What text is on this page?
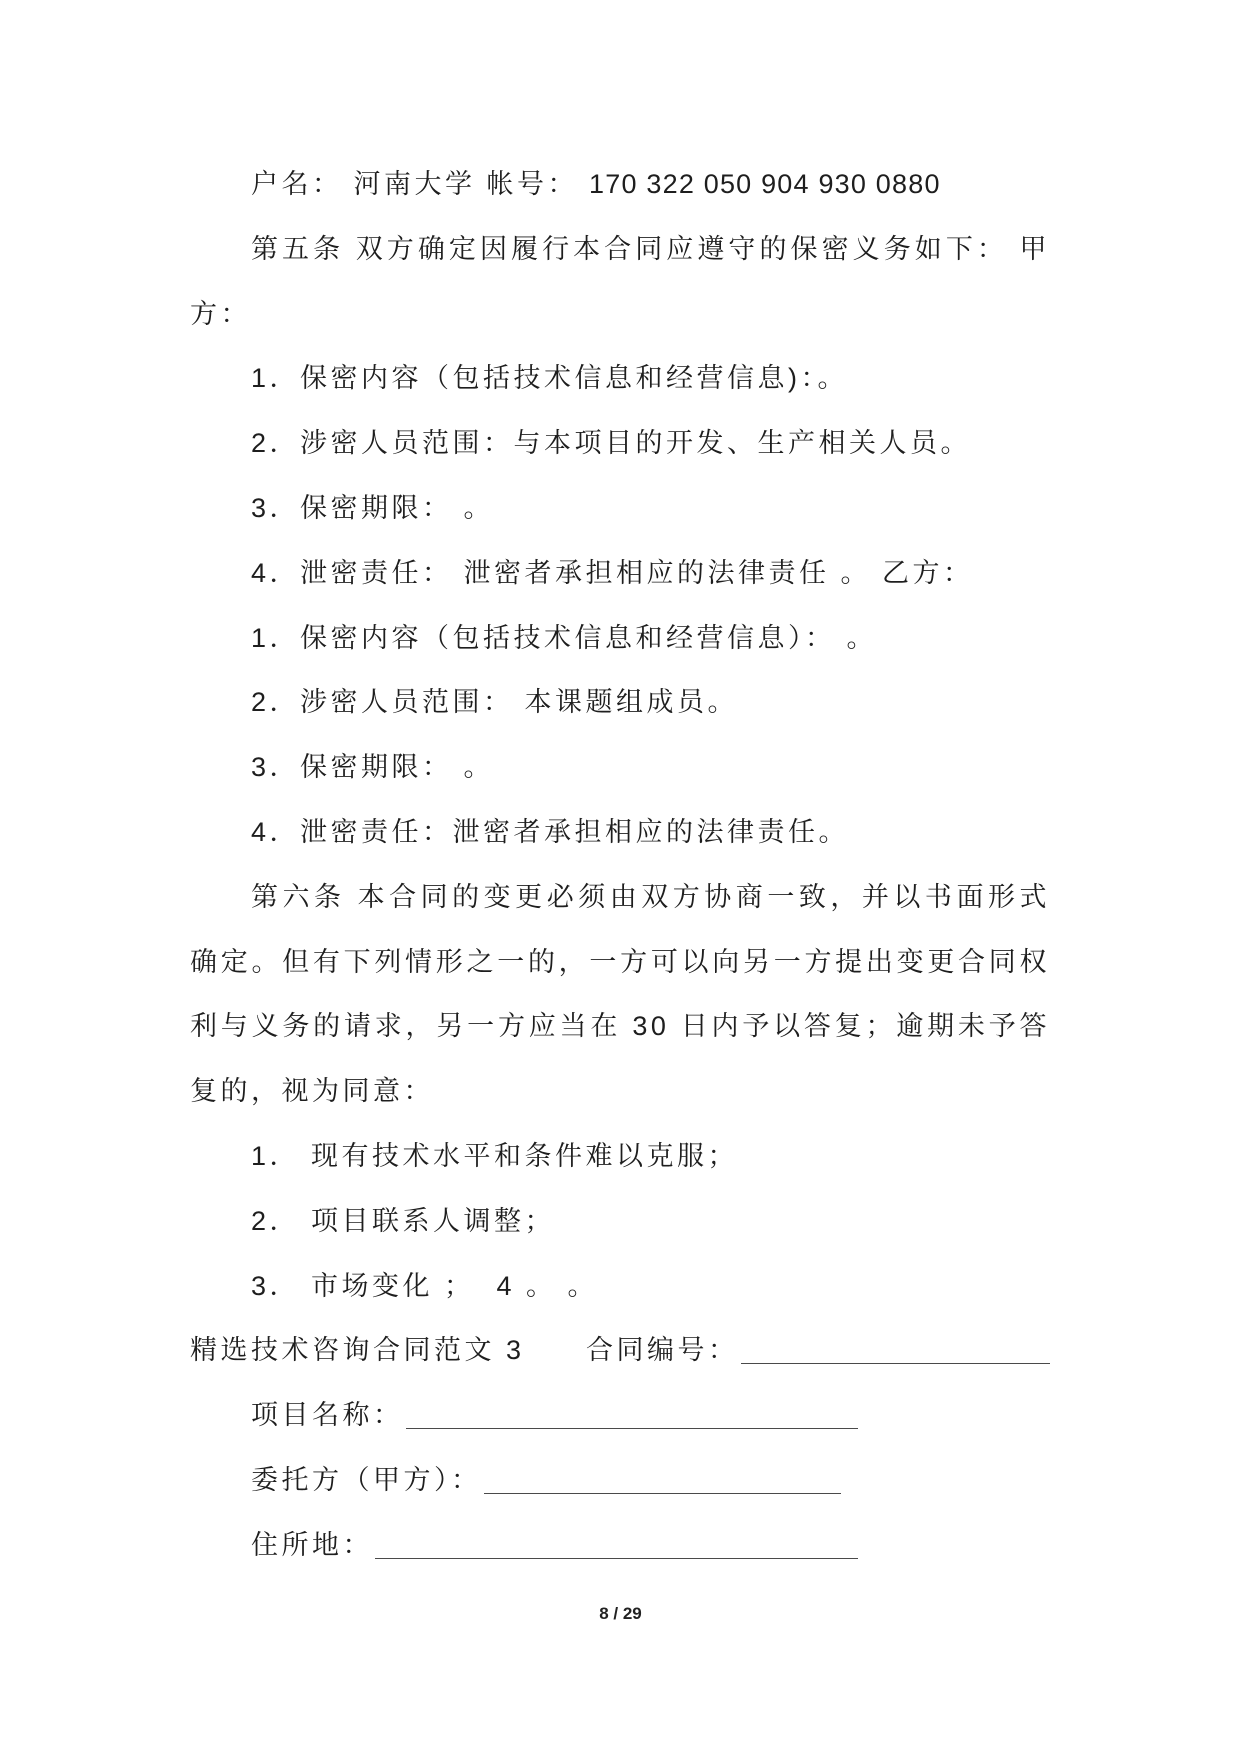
户名： 河南大学 帐号： 170 322 050 904 930 0880
第五条 双方确定因履行本合同应遵守的保密义务如下： 甲
方：
1．保密内容（包括技术信息和经营信息)：。
2．涉密人员范围：与本项目的开发、生产相关人员。
3．保密期限： 。
4．泄密责任： 泄密者承担相应的法律责任 。 乙方：
1．保密内容（包括技术信息和经营信息）： 。
2．涉密人员范围： 本课题组成员。
3．保密期限： 。
4．泄密责任：泄密者承担相应的法律责任。
第六条 本合同的变更必须由双方协商一致，并以书面形式
确定。但有下列情形之一的，一方可以向另一方提出变更合同权
利与义务的请求，另一方应当在 30 日内予以答复；逾期未予答
复的，视为同意：
1． 现有技术水平和条件难以克服；
2． 项目联系人调整；
3． 市场变化 ； 4 。 。
精选技术咨询合同范文 3	合同编号：
项目名称：
委托方（甲方）：
住所地：
8 / 29
